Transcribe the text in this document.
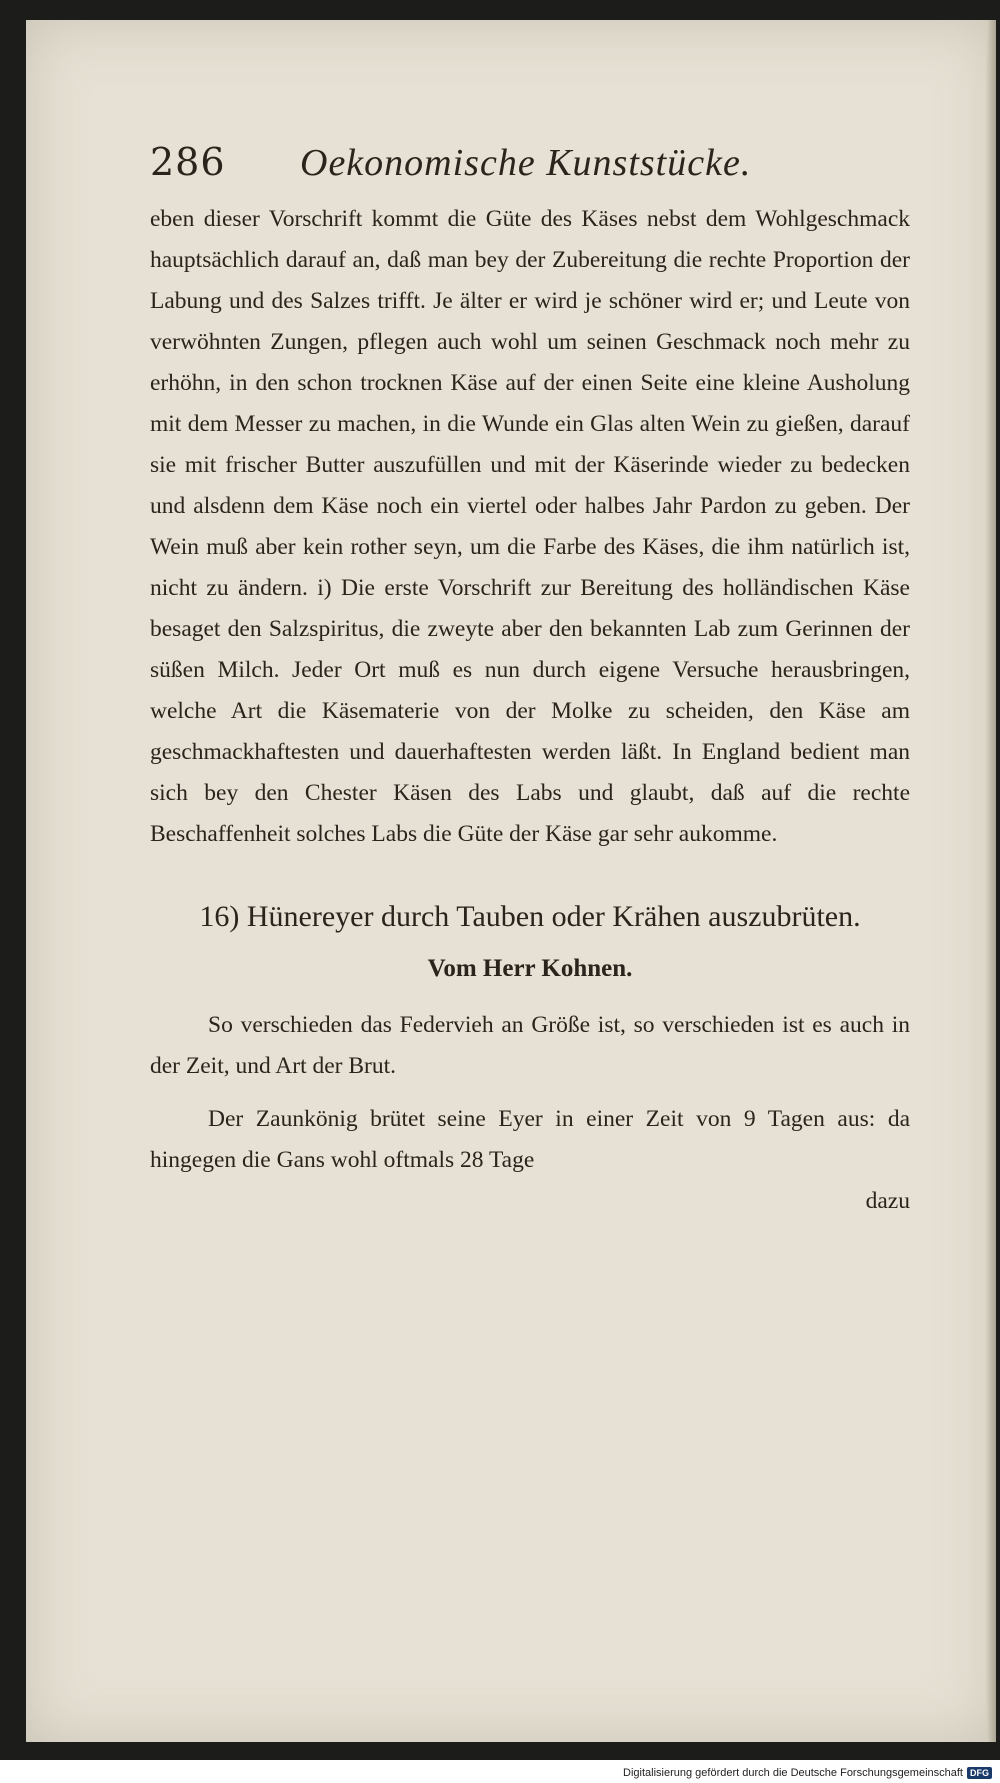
286	Oekonomische Kunststücke.

eben dieser Vorschrift kommt die Güte des Käses nebst dem Wohlgeschmack hauptsächlich darauf an, daß man bey der Zubereitung die rechte Proportion der Labung und des Salzes trifft. Je älter er wird je schöner wird er; und Leute von verwöhnten Zungen, pflegen auch wohl um seinen Geschmack noch mehr zu erhöhn, in den schon trocknen Käse auf der einen Seite eine kleine Ausholung mit dem Messer zu machen, in die Wunde ein Glas alten Wein zu gießen, darauf sie mit frischer Butter auszufüllen und mit der Käserinde wieder zu bedecken und alsdenn dem Käse noch ein viertel oder halbes Jahr Pardon zu geben. Der Wein muß aber kein rother seyn, um die Farbe des Käses, die ihm natürlich ist, nicht zu ändern. i) Die erste Vorschrift zur Bereitung des holländischen Käse besaget den Salzspiritus, die zweyte aber den bekannten Lab zum Gerinnen der süßen Milch. Jeder Ort muß es nun durch eigene Versuche herausbringen, welche Art die Käsematerie von der Molke zu scheiden, den Käse am geschmackhaftesten und dauerhaftesten werden läßt. In England bedient man sich bey den Chester Käsen des Labs und glaubt, daß auf die rechte Beschaffenheit solches Labs die Güte der Käse gar sehr aukomme.

16) Hünereyer durch Tauben oder Krähen auszubrüten.
Vom Herr Kohnen.

So verschieden das Federvieh an Größe ist, so verschieden ist es auch in der Zeit, und Art der Brut.

Der Zaunkönig brütet seine Eyer in einer Zeit von 9 Tagen aus: da hingegen die Gans wohl oftmals 28 Tage

dazu
Digitalisierung gefördert durch die Deutsche Forschungsgemeinschaft DFG
